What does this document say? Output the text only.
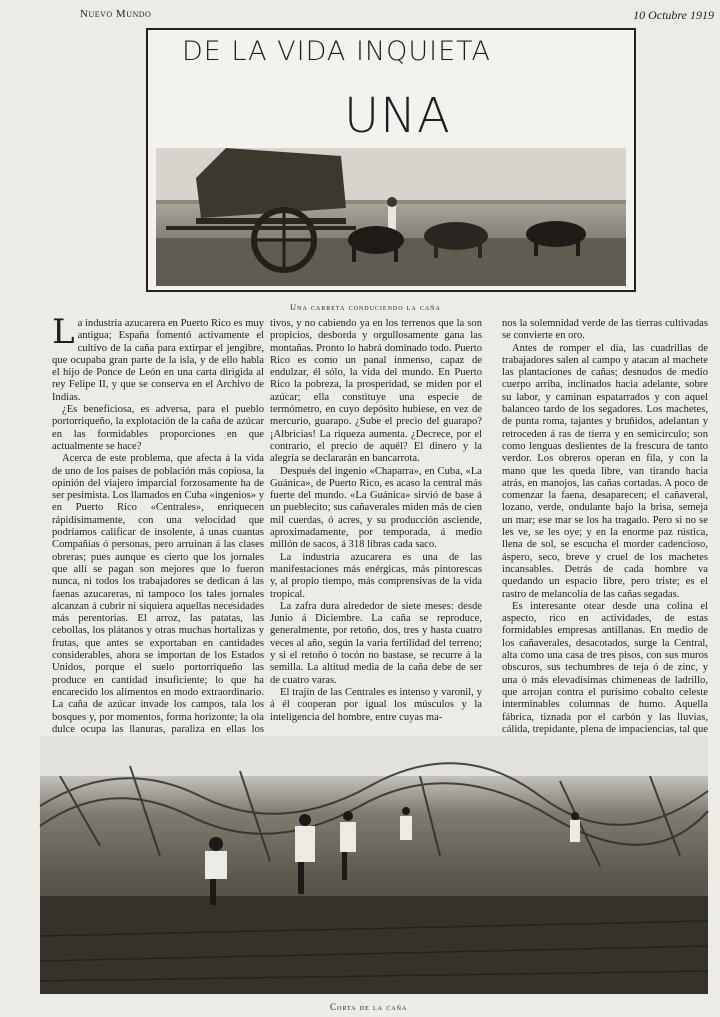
Nuevo Mundo	10 Octubre 1919
DE LA VIDA INQUIETA
UNA
Una carreta conduciendo la caña

La industria azucarera en Puerto Rico es muy antigua; España fomentó activamente el cultivo de la caña para extirpar el jengibre, que ocupaba gran parte de la isla, y de ello habla el hijo de Ponce de León en una carta dirigida al rey Felipe II, y que se conserva en el Archivo de Indias.

¿Es beneficiosa, es adversa, para el pueblo portorriqueño, la explotación de la caña de azúcar en las formidables proporciones en que actualmente se hace?

Acerca de este problema, que afecta á la vida de uno de los países de población más copiosa, la opinión del viajero imparcial forzosamente ha de ser pesimista. Los llamados en Cuba «ingenios» y en Puerto Rico «Centrales», enriquecen rápidísimamente, con una velocidad que podríamos calificar de insolente, á unas cuantas Compañías ó personas, pero arruinan á las clases obreras; pues aunque es cierto que los jornales que allí se pagan son mejores que lo fueron nunca, ni todos los trabajadores se dedican á las faenas azucareras, ni tampoco los tales jornales alcanzan á cubrir ni siquiera aquellas necesidades más perentorias. El arroz, las patatas, las cebollas, los plátanos y otras muchas hortalizas y frutas, que antes se exportaban en cantidades considerables, ahora se importan de los Estados Unidos, porque el suelo portorriqueño las produce en cantidad insuficiente; lo que ha encarecido los alimentos en modo extraordinario. La caña de azúcar invade los campos, tala los bosques y, por momentos, forma horizonte; la ola dulce ocupa las llanuras, paraliza en ellas los

tivos, y no cabiendo ya en los terrenos que la son propicios, desborda y orgullosamente gana las montañas. Pronto lo habrá dominado todo. Puerto Rico es como un panal inmenso, capaz de endulzar, él sólo, la vida del mundo. En Puerto Rico la pobreza, la prosperidad, se miden por el azúcar; ella constituye una especie de termómetro, en cuyo depósito hubiese, en vez de mercurio, guarapo. ¿Sube el precio del guarapo? ¡Albricias! La riqueza aumenta. ¿Decrece, por el contrario, el precio de aquél? El dinero y la alegría se declararán en bancarrota.

Después del ingenio «Chaparra», en Cuba, «La Guánica», de Puerto Rico, es acaso la central más fuerte del mundo. «La Guánica» sirvió de base á un pueblecito; sus cañaverales miden más de cien mil cuerdas, ó acres, y su producción asciende, aproximadamente, por temporada, á medio millón de sacos, á 318 libras cada saco.

La industria azucarera es una de las manifestaciones más enérgicas, más pintorescas y, al propio tiempo, más comprensivas de la vida tropical.

La zafra dura alrededor de siete meses: desde Junio á Diciembre. La caña se reproduce, generalmente, por retoño, dos, tres y hasta cuatro veces al año, según la varia fertilidad del terreno; y si el retoño ó tocón no bastase, se recurre á la semilla. La altitud media de la caña debe de ser de cuatro varas.

El trajín de las Centrales es intenso y varonil, y á él cooperan por igual los músculos y la inteligencia del hombre, entre cuyas ma-

nos la solemnidad verde de las tierras cultivadas se convierte en oro.

Antes de romper el día, las cuadrillas de trabajadores salen al campo y atacan al machete las plantaciones de cañas; desnudos de medio cuerpo arriba, inclinados hacia adelante, sobre su labor, y caminan espatarrados y con aquel balanceo tardo de los segadores. Los machetes, de punta roma, tajantes y bruñidos, adelantan y retroceden á ras de tierra y en semicírculo; son como lenguas deslientes de la frescura de tanto verdor. Los obreros operan en fila, y con la mano que les queda libre, van tirando hacia atrás, en manojos, las cañas cortadas. A poco de comenzar la faena, desaparecen; el cañaveral, lozano, verde, ondulante bajo la brisa, semeja un mar; ese mar se los ha tragado. Pero si no se les ve, se les oye; y en la enorme paz rústica, llena de sol, se escucha el morder cadencioso, áspero, seco, breve y cruel de los machetes incansables. Detrás de cada hombre va quedando un espacio libre, pero triste; es el rastro de melancolía de las cañas segadas.

Es interesante otear desde una colina el aspecto, rico en actividades, de estas formidables empresas antillanas. En medio de los cañaverales, desacotados, surge la Central, alta como una casa de tres pisos, con sus muros obscuros, sus techumbres de teja ó de zinc, y una ó más elevadísimas chimeneas de ladrillo, que arrojan contra el purísimo cobalto celeste interminables columnas de humo. Aquella fábrica, tiznada por el carbón y las lluvias, cálida, trepidante, plena de impaciencias, tal que

Corta de la caña
